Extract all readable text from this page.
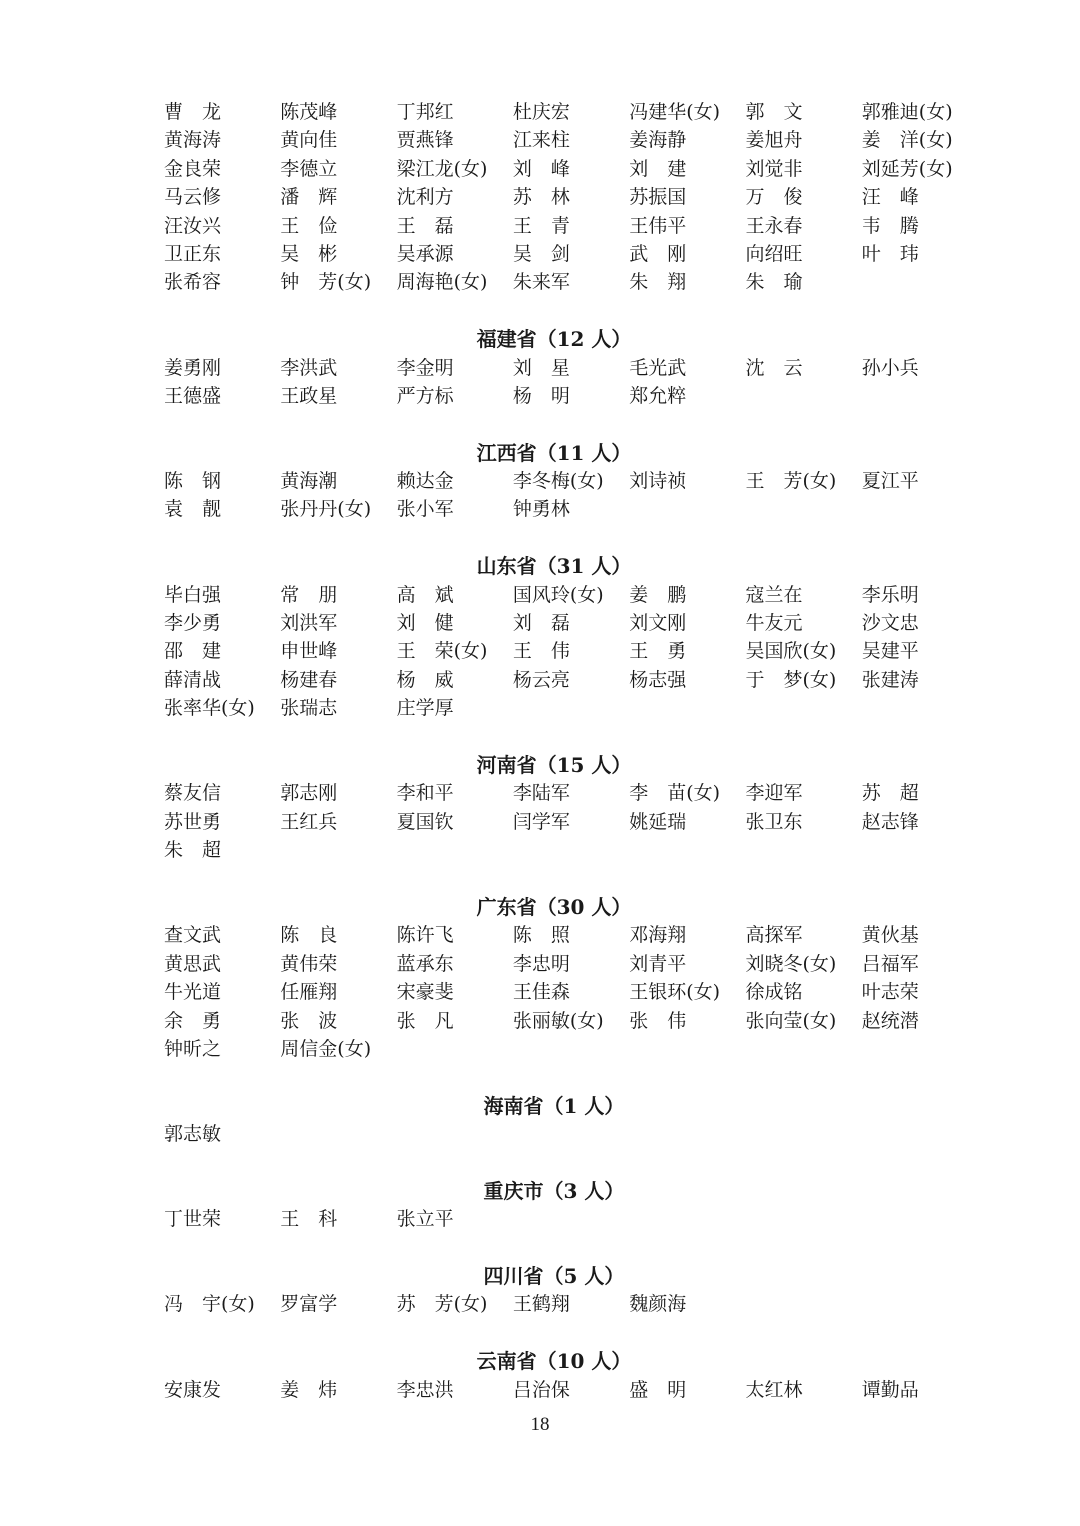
曹　龙	陈茂峰	丁邦红	杜庆宏	冯建华(女) 郭　文	郭雅迪(女)
黄海涛	黄向佳	贾燕锋	江来柱	姜海静	姜旭舟	姜　洋(女)
金良荣	李德立	梁江龙(女) 刘　峰	刘　建	刘觉非	刘延芳(女)
马云修	潘　辉	沈利方	苏　林	苏振国	万　俊	汪　峰
汪汝兴	王　俭	王　磊	王　青	王伟平	王永春	韦　腾
卫正东	吴　彬	吴承源	吴　剑	武　刚	向绍旺	叶　玮
张希容	钟　芳(女) 周海艳(女) 朱来军	朱　翔	朱　瑜
福建省（12 人）
姜勇刚	李洪武	李金明	刘　星	毛光武	沈　云	孙小兵
王德盛	王政星	严方标	杨　明	郑允粹
江西省（11 人）
陈　钢	黄海潮	赖达金	李冬梅(女) 刘诗祯	王　芳(女) 夏江平
袁　靓	张丹丹(女) 张小军	钟勇林
山东省（31 人）
毕白强	常　朋	高　斌	国风玲(女) 姜　鹏	寇兰在	李乐明
李少勇	刘洪军	刘　健	刘　磊	刘文刚	牛友元	沙文忠
邵　建	申世峰	王　荣(女) 王　伟	王　勇	吴国欣(女) 吴建平
薛清战	杨建春	杨　威	杨云亮	杨志强	于　梦(女) 张建涛
张率华(女) 张瑞志	庄学厚
河南省（15 人）
蔡友信	郭志刚	李和平	李陆军	李　苗(女) 李迎军	苏　超
苏世勇	王红兵	夏国钦	闫学军	姚延瑞	张卫东	赵志锋
朱　超
广东省（30 人）
查文武	陈　良	陈许飞	陈　照	邓海翔	高探军	黄伙基
黄思武	黄伟荣	蓝承东	李忠明	刘青平	刘晓冬(女) 吕福军
牛光道	任雁翔	宋豪斐	王佳森	王银环(女) 徐成铭	叶志荣
余　勇	张　波	张　凡	张丽敏(女) 张　伟	张向莹(女) 赵统潜
钟昕之	周信金(女)
海南省（1 人）
郭志敏
重庆市（3 人）
丁世荣	王　科	张立平
四川省（5 人）
冯　宇(女) 罗富学	苏　芳(女) 王鹤翔	魏颜海
云南省（10 人）
安康发	姜　炜	李忠洪	吕治保	盛　明	太红林	谭勤品
18
